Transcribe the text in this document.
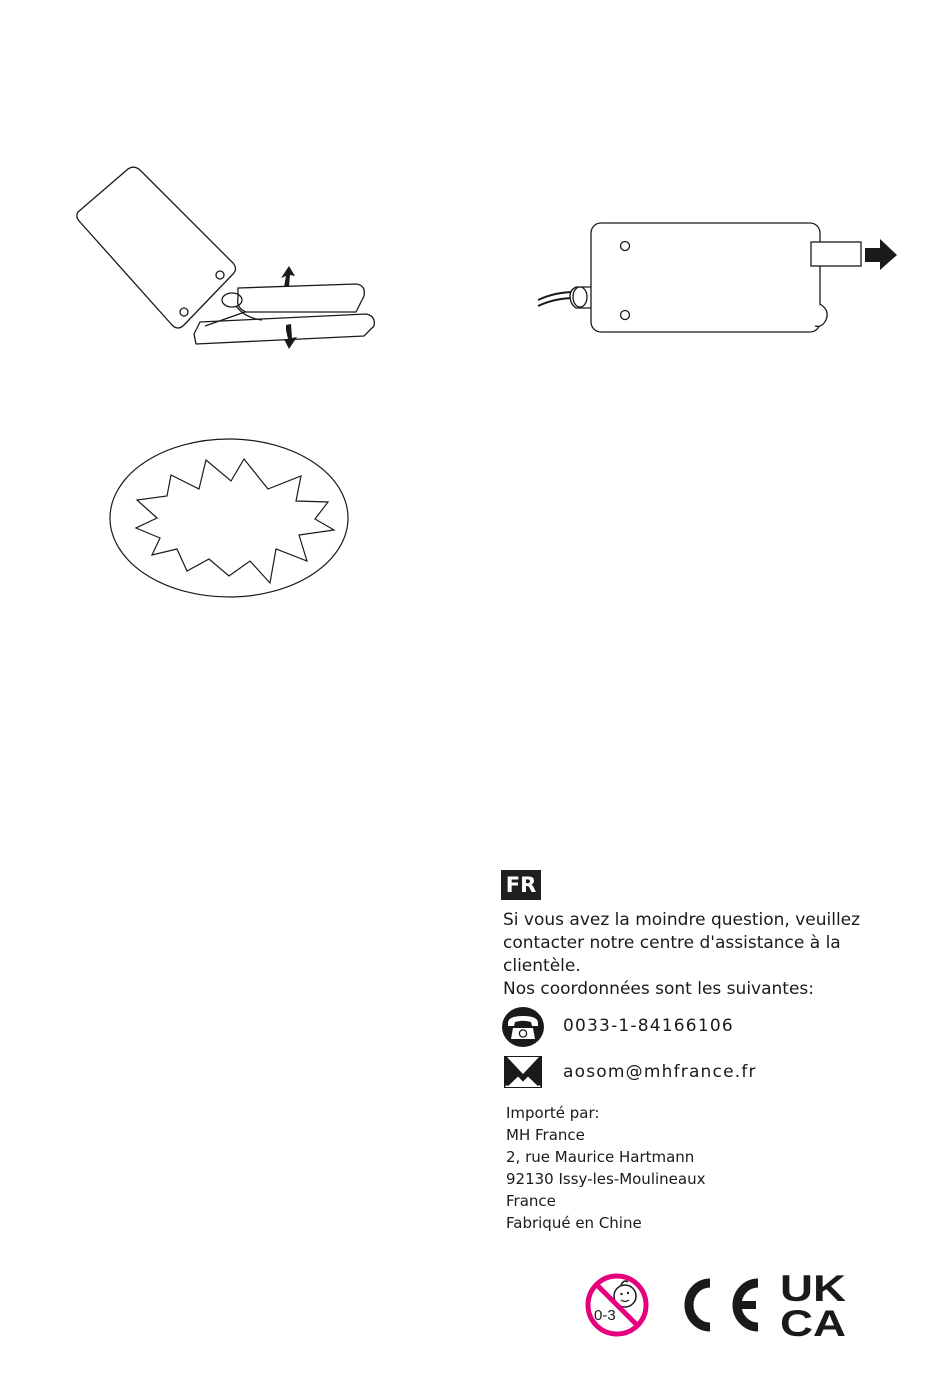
FR

Si vous avez la moindre question, veuillez

contacter notre centre d'assistance à la

clientèle.

Nos coordonnées sont les suivantes:

0033-1-84166106
aosom@mhfrance.fr
Importé par:
MH France
2, rue Maurice Hartmann
92130 Issy-les-Moulineaux
France
Fabriqué en Chine
0-3
UK
CA
